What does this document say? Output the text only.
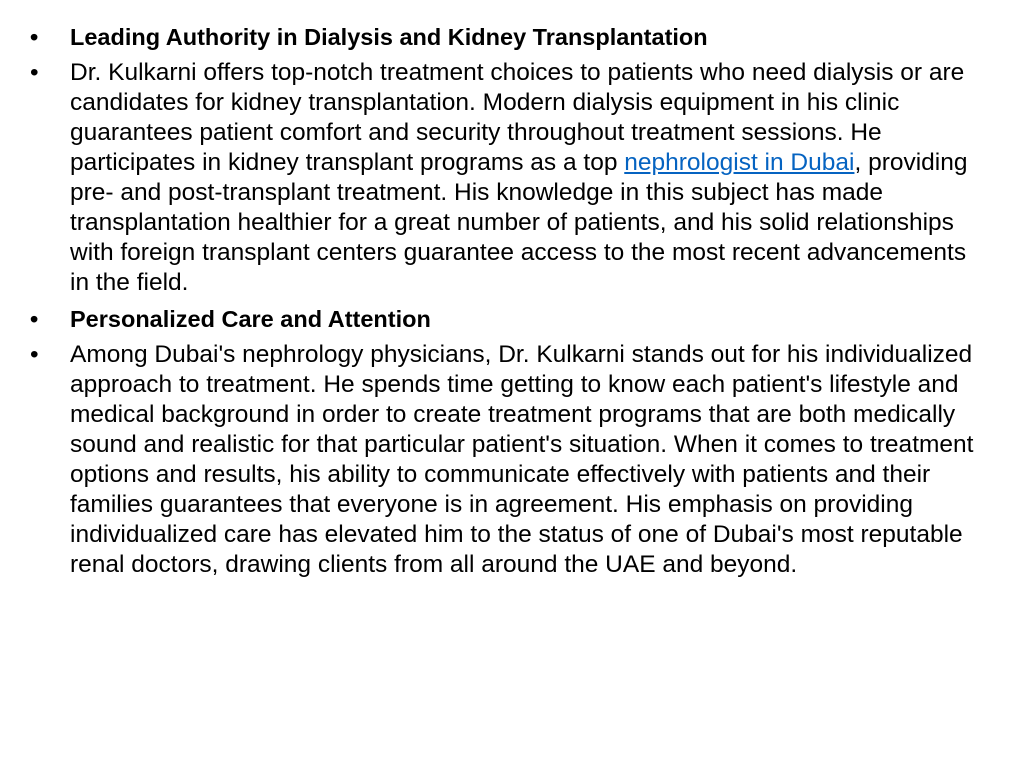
•	Leading Authority in Dialysis and Kidney Transplantation
•	Dr. Kulkarni offers top-notch treatment choices to patients who need dialysis or are candidates for kidney transplantation. Modern dialysis equipment in his clinic guarantees patient comfort and security throughout treatment sessions. He participates in kidney transplant programs as a top nephrologist in Dubai, providing pre- and post-transplant treatment. His knowledge in this subject has made transplantation healthier for a great number of patients, and his solid relationships with foreign transplant centers guarantee access to the most recent advancements in the field.
•	Personalized Care and Attention
•	Among Dubai's nephrology physicians, Dr. Kulkarni stands out for his individualized approach to treatment. He spends time getting to know each patient's lifestyle and medical background in order to create treatment programs that are both medically sound and realistic for that particular patient's situation. When it comes to treatment options and results, his ability to communicate effectively with patients and their families guarantees that everyone is in agreement. His emphasis on providing individualized care has elevated him to the status of one of Dubai's most reputable renal doctors, drawing clients from all around the UAE and beyond.
